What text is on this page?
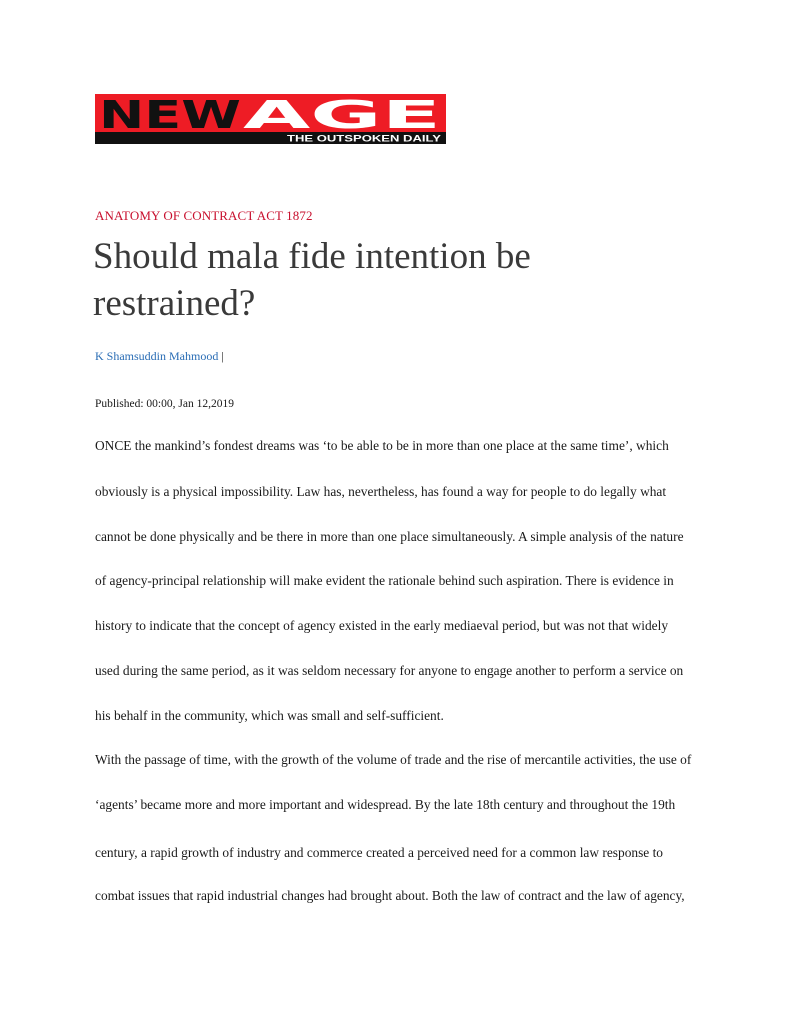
NEW AGE
THE OUTSPOKEN DAILY
ANATOMY OF CONTRACT ACT 1872
Should mala fide intention be
restrained?
K Shamsuddin Mahmood |
Published: 00:00, Jan 12,2019
ONCE the mankind’s fondest dreams was ‘to be able to be in more than one place at the same time’, which
obviously is a physical impossibility. Law has, nevertheless, has found a way for people to do legally what
cannot be done physically and be there in more than one place simultaneously. A simple analysis of the nature
of agency-principal relationship will make evident the rationale behind such aspiration. There is evidence in
history to indicate that the concept of agency existed in the early mediaeval period, but was not that widely
used during the same period, as it was seldom necessary for anyone to engage another to perform a service on
his behalf in the community, which was small and self-sufficient.
With the passage of time, with the growth of the volume of trade and the rise of mercantile activities, the use of
‘agents’ became more and more important and widespread. By the late 18th century and throughout the 19th
century, a rapid growth of industry and commerce created a perceived need for a common law response to
combat issues that rapid industrial changes had brought about. Both the law of contract and the law of agency,
